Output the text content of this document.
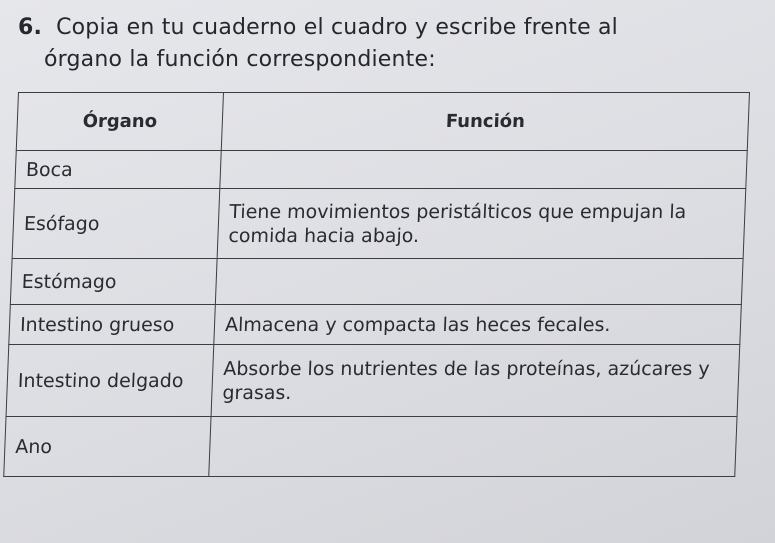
6. Copia en tu cuaderno el cuadro y escribe frente al
órgano la función correspondiente:
Órgano	Función
Boca	

Esófago	Tiene movimientos peristálticos que empujan la comida hacia abajo.

Estómago	

Intestino grueso	Almacena y compacta las heces fecales.

Intestino delgado	Absorbe los nutrientes de las proteínas, azúcares y grasas.

Ano	
